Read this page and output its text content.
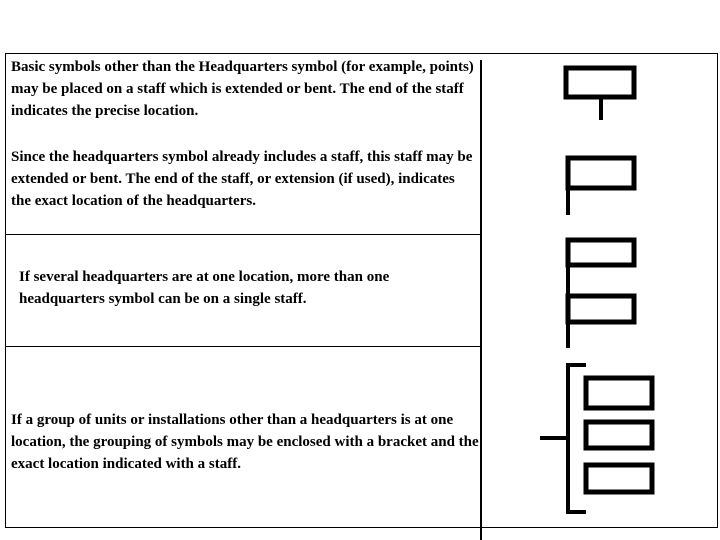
Basic symbols other than the Headquarters symbol (for example, points) may be placed on a staff which is extended or bent. The end of the staff indicates the precise location.
Since the headquarters symbol already includes a staff, this staff may be extended or bent. The end of the staff, or extension (if used), indicates the exact location of the headquarters.
If several headquarters are at one location, more than one headquarters symbol can be on a single staff.
If a group of units or installations other than a headquarters is at one location, the grouping of symbols may be enclosed with a bracket and the exact location indicated with a staff.
